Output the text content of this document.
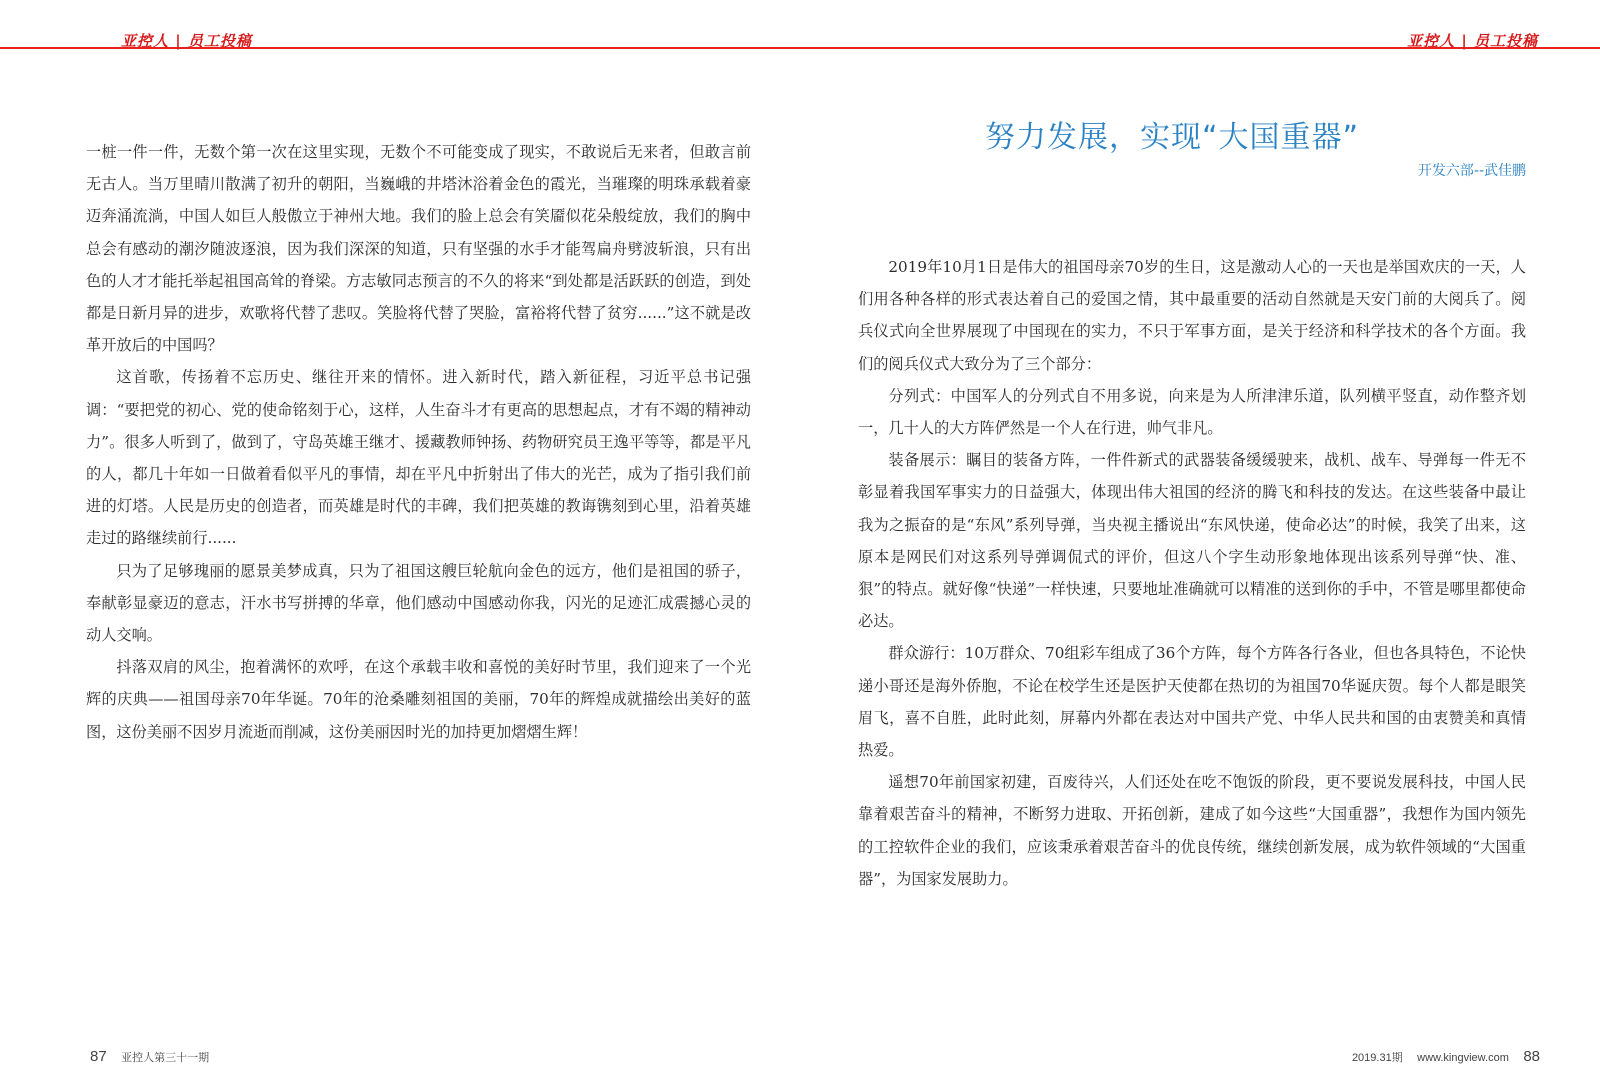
亚控人 | 员工投稿	亚控人 | 员工投稿

一桩一件一件，无数个第一次在这里实现，无数个不可能变成了现实，不敢说后无来者，但敢言前无古人。当万里晴川散满了初升的朝阳，当巍峨的井塔沐浴着金色的霞光，当璀璨的明珠承载着豪迈奔涌流淌，中国人如巨人般傲立于神州大地。我们的脸上总会有笑靥似花朵般绽放，我们的胸中总会有感动的潮汐随波逐浪，因为我们深深的知道，只有坚强的水手才能驾扁舟劈波斩浪，只有出色的人才才能托举起祖国高耸的脊梁。方志敏同志预言的不久的将来“到处都是活跃跃的创造，到处都是日新月异的进步，欢歌将代替了悲叹。笑脸将代替了哭脸，富裕将代替了贫穷......”这不就是改革开放后的中国吗？

这首歌，传扬着不忘历史、继往开来的情怀。进入新时代，踏入新征程，习近平总书记强调：“要把党的初心、党的使命铭刻于心，这样，人生奋斗才有更高的思想起点，才有不竭的精神动力”。很多人听到了，做到了，守岛英雄王继才、援藏教师钟扬、药物研究员王逸平等等，都是平凡的人，都几十年如一日做着看似平凡的事情，却在平凡中折射出了伟大的光芒，成为了指引我们前进的灯塔。人民是历史的创造者，而英雄是时代的丰碑，我们把英雄的教诲镌刻到心里，沿着英雄走过的路继续前行......

只为了足够瑰丽的愿景美梦成真，只为了祖国这艘巨轮航向金色的远方，他们是祖国的骄子，奉献彰显豪迈的意志，汗水书写拼搏的华章，他们感动中国感动你我，闪光的足迹汇成震撼心灵的动人交响。

抖落双肩的风尘，抱着满怀的欢呼，在这个承载丰收和喜悦的美好时节里，我们迎来了一个光辉的庆典——祖国母亲70年华诞。70年的沧桑雕刻祖国的美丽，70年的辉煌成就描绘出美好的蓝图，这份美丽不因岁月流逝而削减，这份美丽因时光的加持更加熠熠生辉！

努力发展，实现“大国重器”
开发六部--武佳鹏

2019年10月1日是伟大的祖国母亲70岁的生日，这是激动人心的一天也是举国欢庆的一天，人们用各种各样的形式表达着自己的爱国之情，其中最重要的活动自然就是天安门前的大阅兵了。阅兵仪式向全世界展现了中国现在的实力，不只于军事方面，是关于经济和科学技术的各个方面。我们的阅兵仪式大致分为了三个部分：

分列式：中国军人的分列式自不用多说，向来是为人所津津乐道，队列横平竖直，动作整齐划一，几十人的大方阵俨然是一个人在行进，帅气非凡。

装备展示：瞩目的装备方阵，一件件新式的武器装备缓缓驶来，战机、战车、导弹每一件无不彰显着我国军事实力的日益强大，体现出伟大祖国的经济的腾飞和科技的发达。在这些装备中最让我为之振奋的是“东风”系列导弹，当央视主播说出“东风快递，使命必达”的时候，我笑了出来，这原本是网民们对这系列导弹调侃式的评价，但这八个字生动形象地体现出该系列导弹“快、准、狠”的特点。就好像“快递”一样快速，只要地址准确就可以精准的送到你的手中，不管是哪里都使命必达。

群众游行：10万群众、70组彩车组成了36个方阵，每个方阵各行各业，但也各具特色，不论快递小哥还是海外侨胞，不论在校学生还是医护天使都在热切的为祖国70华诞庆贺。每个人都是眼笑眉飞，喜不自胜，此时此刻，屏幕内外都在表达对中国共产党、中华人民共和国的由衷赞美和真情热爱。

遥想70年前国家初建，百废待兴，人们还处在吃不饱饭的阶段，更不要说发展科技，中国人民靠着艰苦奋斗的精神，不断努力进取、开拓创新，建成了如今这些“大国重器”，我想作为国内领先的工控软件企业的我们，应该秉承着艰苦奋斗的优良传统，继续创新发展，成为软件领域的“大国重器”，为国家发展助力。

87 亚控人第三十一期	2019.31期 www.kingview.com 88
